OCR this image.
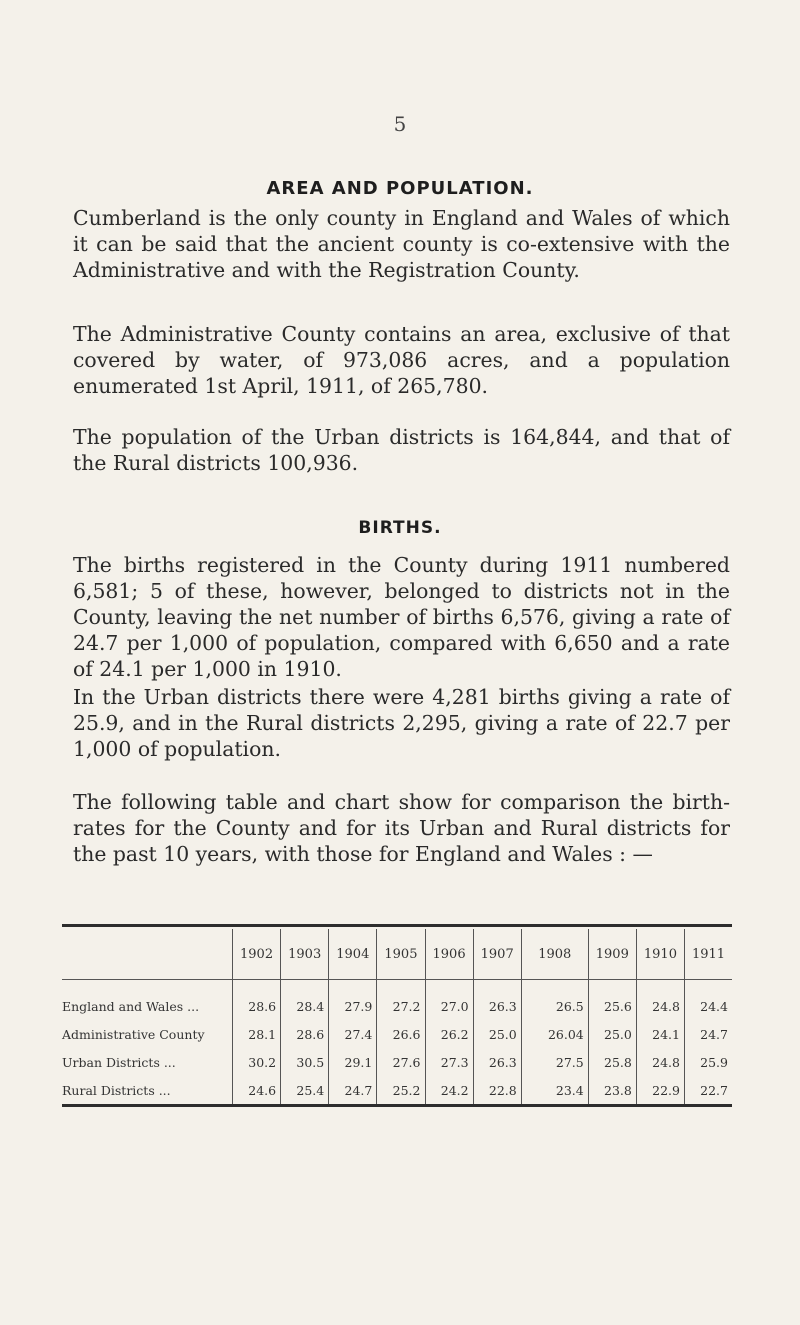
5
AREA AND POPULATION.

Cumberland is the only county in England and Wales of which it can be said that the ancient county is co-extensive with the Administrative and with the Registration County.

The Administrative County contains an area, exclusive of that covered by water, of 973,086 acres, and a population enumerated 1st April, 1911, of 265,780.

The population of the Urban districts is 164,844, and that of the Rural districts 100,936.

BIRTHS.

The births registered in the County during 1911 numbered 6,581; 5 of these, however, belonged to districts not in the County, leaving the net number of births 6,576, giving a rate of 24.7 per 1,000 of population, compared with 6,650 and a rate of 24.1 per 1,000 in 1910.

In the Urban districts there were 4,281 births giving a rate of 25.9, and in the Rural districts 2,295, giving a rate of 22.7 per 1,000 of population.

The following table and chart show for comparison the birth-rates for the County and for its Urban and Rural districts for the past 10 years, with those for England and Wales : —

	1902	1903	1904	1905	1906	1907	1908	1909	1910	1911

England and Wales ...	28.6	28.4	27.9	27.2	27.0	26.3	26.5	25.6	24.8	24.4
Administrative County	28.1	28.6	27.4	26.6	26.2	25.0	26.04	25.0	24.1	24.7
Urban Districts ...	30.2	30.5	29.1	27.6	27.3	26.3	27.5	25.8	24.8	25.9
Rural Districts ...	24.6	25.4	24.7	25.2	24.2	22.8	23.4	23.8	22.9	22.7
